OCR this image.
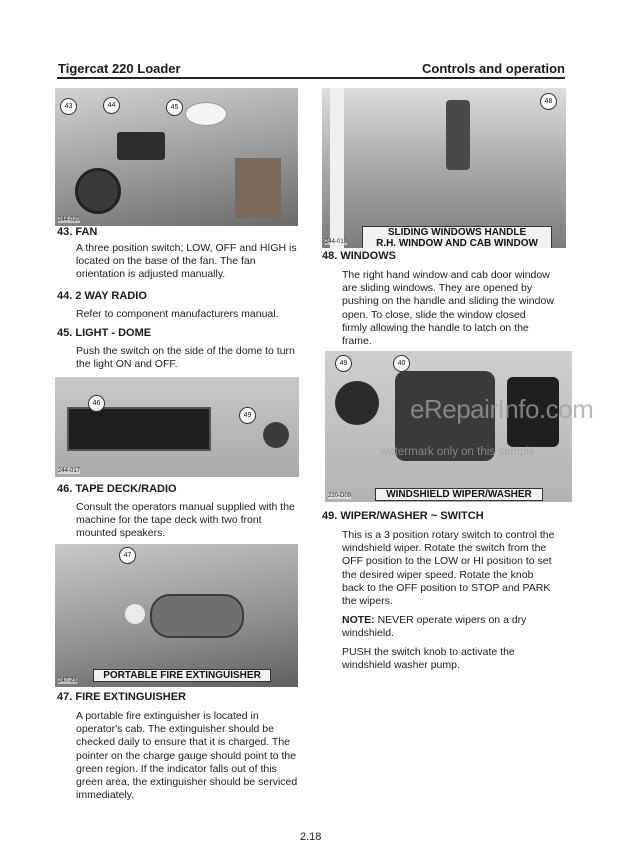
Tigercat 220 Loader	Controls and operation
43	44	45
244-020
48
SLIDING WINDOWS HANDLE
R.H. WINDOW AND CAB WINDOW
244-019
43. FAN
A three position switch; LOW, OFF and HIGH is
located on the base of the fan. The fan
orientation is adjusted manually.
44. 2 WAY RADIO
Refer to component manufacturers manual.
45. LIGHT - DOME
Push the switch on the side of the dome to turn
the light ON and OFF.
46
49
244-017
49	40
WINDSHIELD WIPER/WASHER
220-D09
eRepairInfo.com
watermark only on this sample
48. WINDOWS
The right hand window and cab door window
are sliding windows. They are opened by
pushing on the handle and sliding the window
open. To close, slide the window closed
firmly allowing the handle to latch on the
frame.
46. TAPE DECK/RADIO
Consult the operators manual supplied with the
machine for the tape deck with two front
mounted speakers.
49. WIPER/WASHER ~ SWITCH
This is a 3 position rotary switch to control the
windshield wiper. Rotate the switch from the
OFF position to the LOW or HI position to set
the desired wiper speed. Rotate the knob
back to the OFF position to STOP and PARK
the wipers.
NOTE: NEVER operate wipers on a dry
windshield.
PUSH the switch knob to activate the
windshield washer pump.
47
PORTABLE FIRE EXTINGUISHER
247-23
47. FIRE EXTINGUISHER
A portable fire extinguisher is located in
operator's cab. The extinguisher should be
checked daily to ensure that it is charged. The
pointer on the charge gauge should point to the
green region. If the indicator falls out of this
green area, the extinguisher should be serviced
immediately.
2.18
